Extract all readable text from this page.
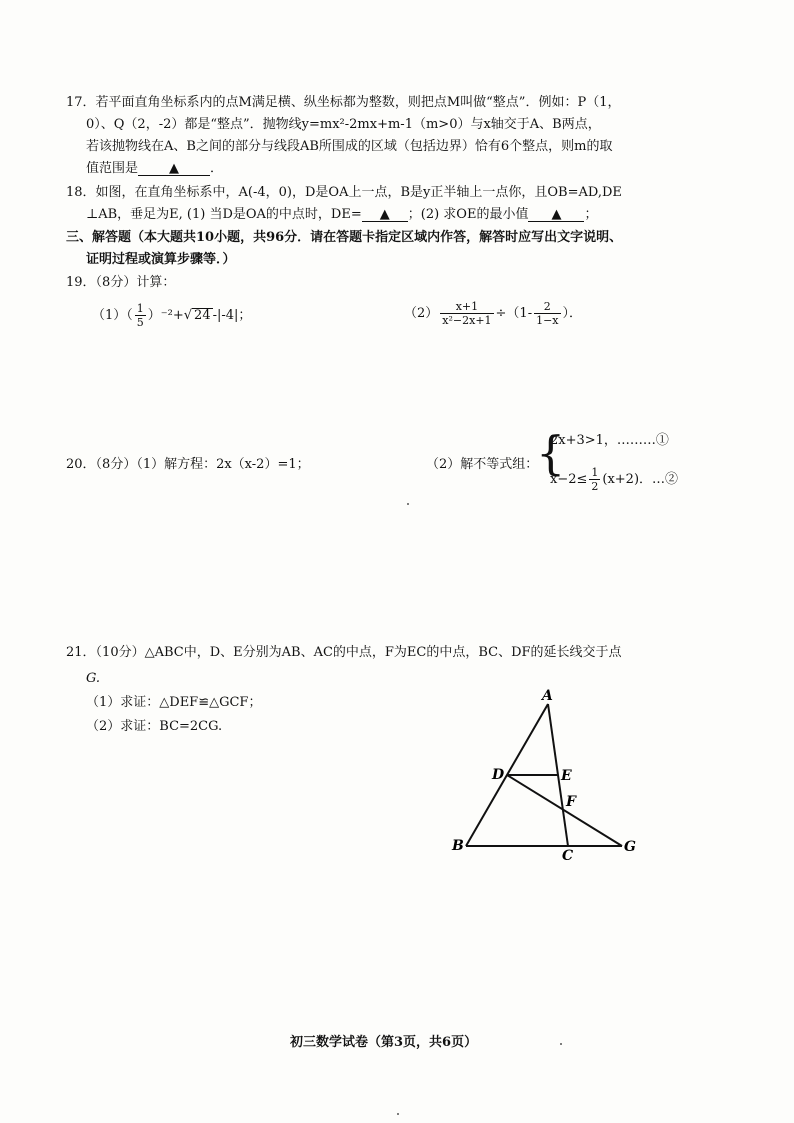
17．若平面直角坐标系内的点M满足横、纵坐标都为整数，则把点M叫做“整点”．例如：P（1，
0）、Q（2，-2）都是“整点”．抛物线y=mx²-2mx+m-1（m>0）与x轴交于A、B两点，
若该抛物线在A、B之间的部分与线段AB所围成的区域（包括边界）恰有6个整点，则m的取
值范围是 ▲ ．
18．如图，在直角坐标系中，A(-4，0)，D是OA上一点，B是y正半轴上一点你，且OB=AD,DE
⊥AB，垂足为E, (1) 当D是OA的中点时，DE= ▲ ；(2) 求OE的最小值 ▲ ；
三、解答题（本大题共10小题，共96分．请在答题卡指定区域内作答，解答时应写出文字说明、
证明过程或演算步骤等．）
19．（8分）计算：
$(1)( \frac{1}{5} )^{-2}+√$ 24 -|-4|；	$(2) \frac{x+1}{\text{x²−2x+1}} \div(1- \frac{2}{1-x}$ ）．
20．（8分）（1）解方程：2x（x-2）=1；	（2）解不等式组：
{
2x+3>1，………①
$x-2\le \frac{1}{2} (x+2)$．…②
21．（10分）△ABC中，D、E分别为AB、AC的中点，F为EC的中点，BC、DF的延长线交于点
G.
（1）求证：△DEF≌△GCF；
（2）求证：BC=2CG.
A
B
C
D	E
F
G
初三数学试卷（第3页，共6页）
